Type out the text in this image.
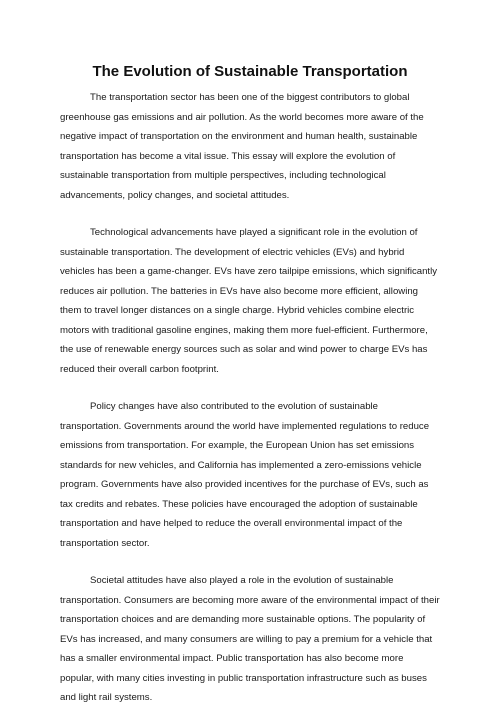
The Evolution of Sustainable Transportation

The transportation sector has been one of the biggest contributors to global greenhouse gas emissions and air pollution. As the world becomes more aware of the negative impact of transportation on the environment and human health, sustainable transportation has become a vital issue. This essay will explore the evolution of sustainable transportation from multiple perspectives, including technological advancements, policy changes, and societal attitudes.

Technological advancements have played a significant role in the evolution of sustainable transportation. The development of electric vehicles (EVs) and hybrid vehicles has been a game-changer. EVs have zero tailpipe emissions, which significantly reduces air pollution. The batteries in EVs have also become more efficient, allowing them to travel longer distances on a single charge. Hybrid vehicles combine electric motors with traditional gasoline engines, making them more fuel-efficient. Furthermore, the use of renewable energy sources such as solar and wind power to charge EVs has reduced their overall carbon footprint.

Policy changes have also contributed to the evolution of sustainable transportation. Governments around the world have implemented regulations to reduce emissions from transportation. For example, the European Union has set emissions standards for new vehicles, and California has implemented a zero-emissions vehicle program. Governments have also provided incentives for the purchase of EVs, such as tax credits and rebates. These policies have encouraged the adoption of sustainable transportation and have helped to reduce the overall environmental impact of the transportation sector.

Societal attitudes have also played a role in the evolution of sustainable transportation. Consumers are becoming more aware of the environmental impact of their transportation choices and are demanding more sustainable options. The popularity of EVs has increased, and many consumers are willing to pay a premium for a vehicle that has a smaller environmental impact. Public transportation has also become more popular, with many cities investing in public transportation infrastructure such as buses and light rail systems.
